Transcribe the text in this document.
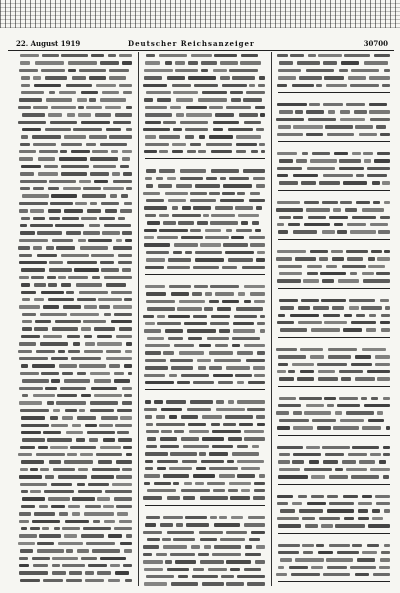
22. August 1919	Deutscher Reichsanzeiger	30700
